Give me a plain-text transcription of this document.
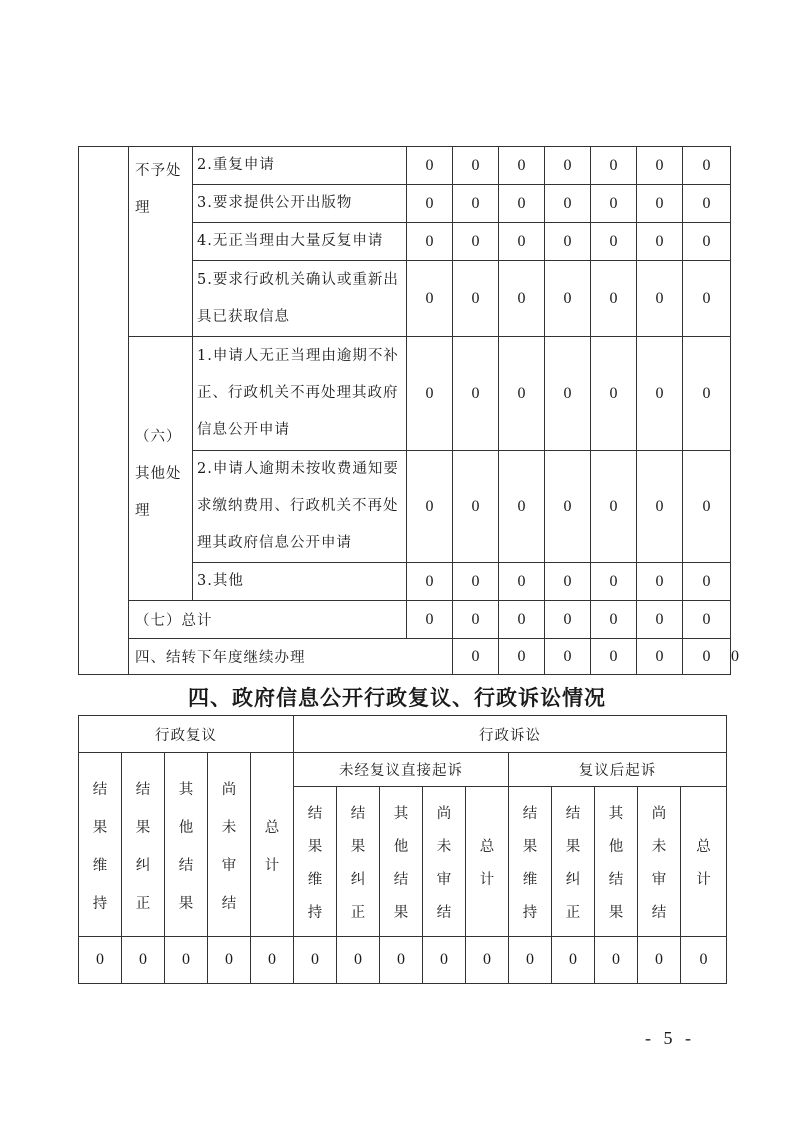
	不予处理	2.重复申请	0	0	0	0	0	0	0	
		3.要求提供公开出版物	0	0	0	0	0	0	0	
		4.无正当理由大量反复申请	0	0	0	0	0	0	0	
		5.要求行政机关确认或重新出具已获取信息	0	0	0	0	0	0	0	
	（六）其他处理	1.申请人无正当理由逾期不补正、行政机关不再处理其政府信息公开申请	0	0	0	0	0	0	0	
		2.申请人逾期未按收费通知要求缴纳费用、行政机关不再处理其政府信息公开申请	0	0	0	0	0	0	0	
		3.其他	0	0	0	0	0	0	0	
	（七）总计		0	0	0	0	0	0	0	
	四、结转下年度继续办理			0	0	0	0	0	0	0
四、政府信息公开行政复议、行政诉讼情况
行政复议					行政诉讼									
结果维持	结果纠正	其他结果	尚未审结	总计	未经复议直接起诉					复议后起诉				
					结果维持	结果纠正	其他结果	尚未审结	总计	结果维持	结果纠正	其他结果	尚未审结	总计
0	0	0	0	0	0	0	0	0	0	0	0	0	0	0
- 5 -
